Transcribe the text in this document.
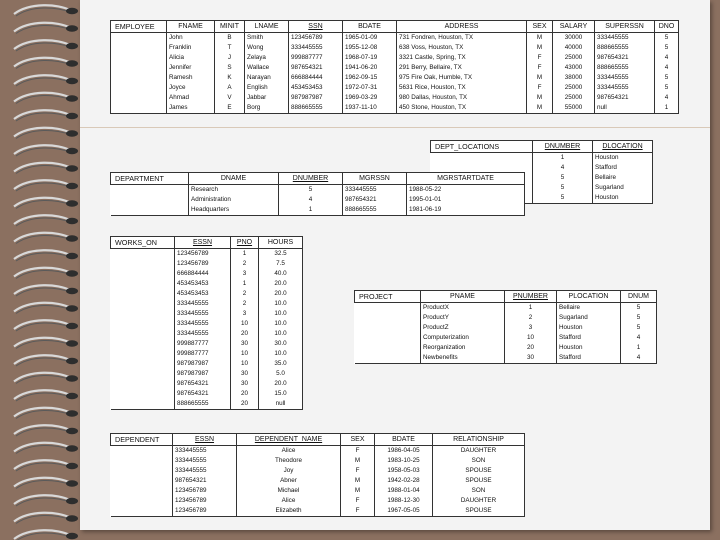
EMPLOYEE	FNAME	MINIT	LNAME	SSN	BDATE	ADDRESS	SEX	SALARY	SUPERSSN	DNO
	John	B	Smith	123456789	1965-01-09	731 Fondren, Houston, TX	M	30000	333445555	5
	Franklin	T	Wong	333445555	1955-12-08	638 Voss, Houston, TX	M	40000	888665555	5
	Alicia	J	Zelaya	999887777	1968-07-19	3321 Castle, Spring, TX	F	25000	987654321	4
	Jennifer	S	Wallace	987654321	1941-06-20	291 Berry, Bellaire, TX	F	43000	888665555	4
	Ramesh	K	Narayan	666884444	1962-09-15	975 Fire Oak, Humble, TX	M	38000	333445555	5
	Joyce	A	English	453453453	1972-07-31	5631 Rice, Houston, TX	F	25000	333445555	5
	Ahmad	V	Jabbar	987987987	1969-03-29	980 Dallas, Houston, TX	M	25000	987654321	4
	James	E	Borg	888665555	1937-11-10	450 Stone, Houston, TX	M	55000	null	1
DEPT_LOCATIONS	DNUMBER	DLOCATION
	1	Houston
	4	Stafford
	5	Bellaire
	5	Sugarland
	5	Houston
DEPARTMENT	DNAME	DNUMBER	MGRSSN	MGRSTARTDATE
	Research	5	333445555	1988-05-22
	Administration	4	987654321	1995-01-01
	Headquarters	1	888665555	1981-06-19
WORKS_ON	ESSN	PNO	HOURS
	123456789	1	32.5
	123456789	2	7.5
	666884444	3	40.0
	453453453	1	20.0
	453453453	2	20.0
	333445555	2	10.0
	333445555	3	10.0
	333445555	10	10.0
	333445555	20	10.0
	999887777	30	30.0
	999887777	10	10.0
	987987987	10	35.0
	987987987	30	5.0
	987654321	30	20.0
	987654321	20	15.0
	888665555	20	null
PROJECT	PNAME	PNUMBER	PLOCATION	DNUM
	ProductX	1	Bellaire	5
	ProductY	2	Sugarland	5
	ProductZ	3	Houston	5
	Computerization	10	Stafford	4
	Reorganization	20	Houston	1
	Newbenefits	30	Stafford	4
DEPENDENT	ESSN	DEPENDENT_NAME	SEX	BDATE	RELATIONSHIP
	333445555	Alice	F	1986-04-05	DAUGHTER
	333445555	Theodore	M	1983-10-25	SON
	333445555	Joy	F	1958-05-03	SPOUSE
	987654321	Abner	M	1942-02-28	SPOUSE
	123456789	Michael	M	1988-01-04	SON
	123456789	Alice	F	1988-12-30	DAUGHTER
	123456789	Elizabeth	F	1967-05-05	SPOUSE
